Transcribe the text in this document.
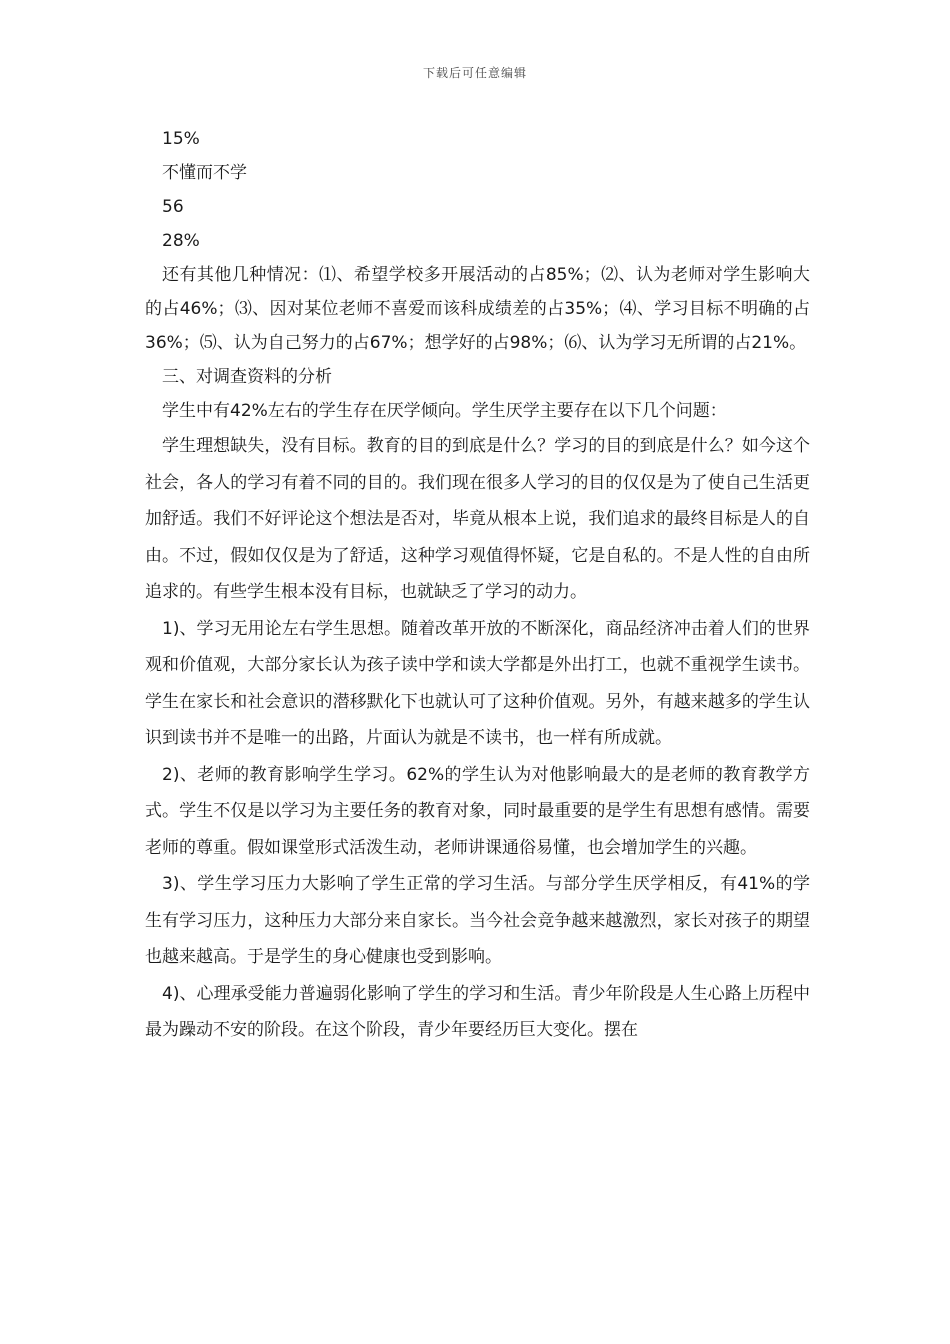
下载后可任意编辑
15%
不懂而不学
56
28%

还有其他几种情况：⑴、希望学校多开展活动的占85%；⑵、认为老师对学生影响大的占46%；⑶、因对某位老师不喜爱而该科成绩差的占35%；⑷、学习目标不明确的占36%；⑸、认为自己努力的占67%；想学好的占98%；⑹、认为学习无所谓的占21%。

三、对调查资料的分析

学生中有42%左右的学生存在厌学倾向。学生厌学主要存在以下几个问题：

学生理想缺失，没有目标。教育的目的到底是什么？学习的目的到底是什么？如今这个社会，各人的学习有着不同的目的。我们现在很多人学习的目的仅仅是为了使自己生活更加舒适。我们不好评论这个想法是否对，毕竟从根本上说，我们追求的最终目标是人的自由。不过，假如仅仅是为了舒适，这种学习观值得怀疑，它是自私的。不是人性的自由所追求的。有些学生根本没有目标，也就缺乏了学习的动力。

1)、学习无用论左右学生思想。随着改革开放的不断深化，商品经济冲击着人们的世界观和价值观，大部分家长认为孩子读中学和读大学都是外出打工，也就不重视学生读书。学生在家长和社会意识的潜移默化下也就认可了这种价值观。另外，有越来越多的学生认识到读书并不是唯一的出路，片面认为就是不读书，也一样有所成就。

2)、老师的教育影响学生学习。62%的学生认为对他影响最大的是老师的教育教学方式。学生不仅是以学习为主要任务的教育对象，同时最重要的是学生有思想有感情。需要老师的尊重。假如课堂形式活泼生动，老师讲课通俗易懂，也会增加学生的兴趣。

3)、学生学习压力大影响了学生正常的学习生活。与部分学生厌学相反，有41%的学生有学习压力，这种压力大部分来自家长。当今社会竞争越来越激烈，家长对孩子的期望也越来越高。于是学生的身心健康也受到影响。

4)、心理承受能力普遍弱化影响了学生的学习和生活。青少年阶段是人生心路上历程中最为躁动不安的阶段。在这个阶段，青少年要经历巨大变化。摆在
